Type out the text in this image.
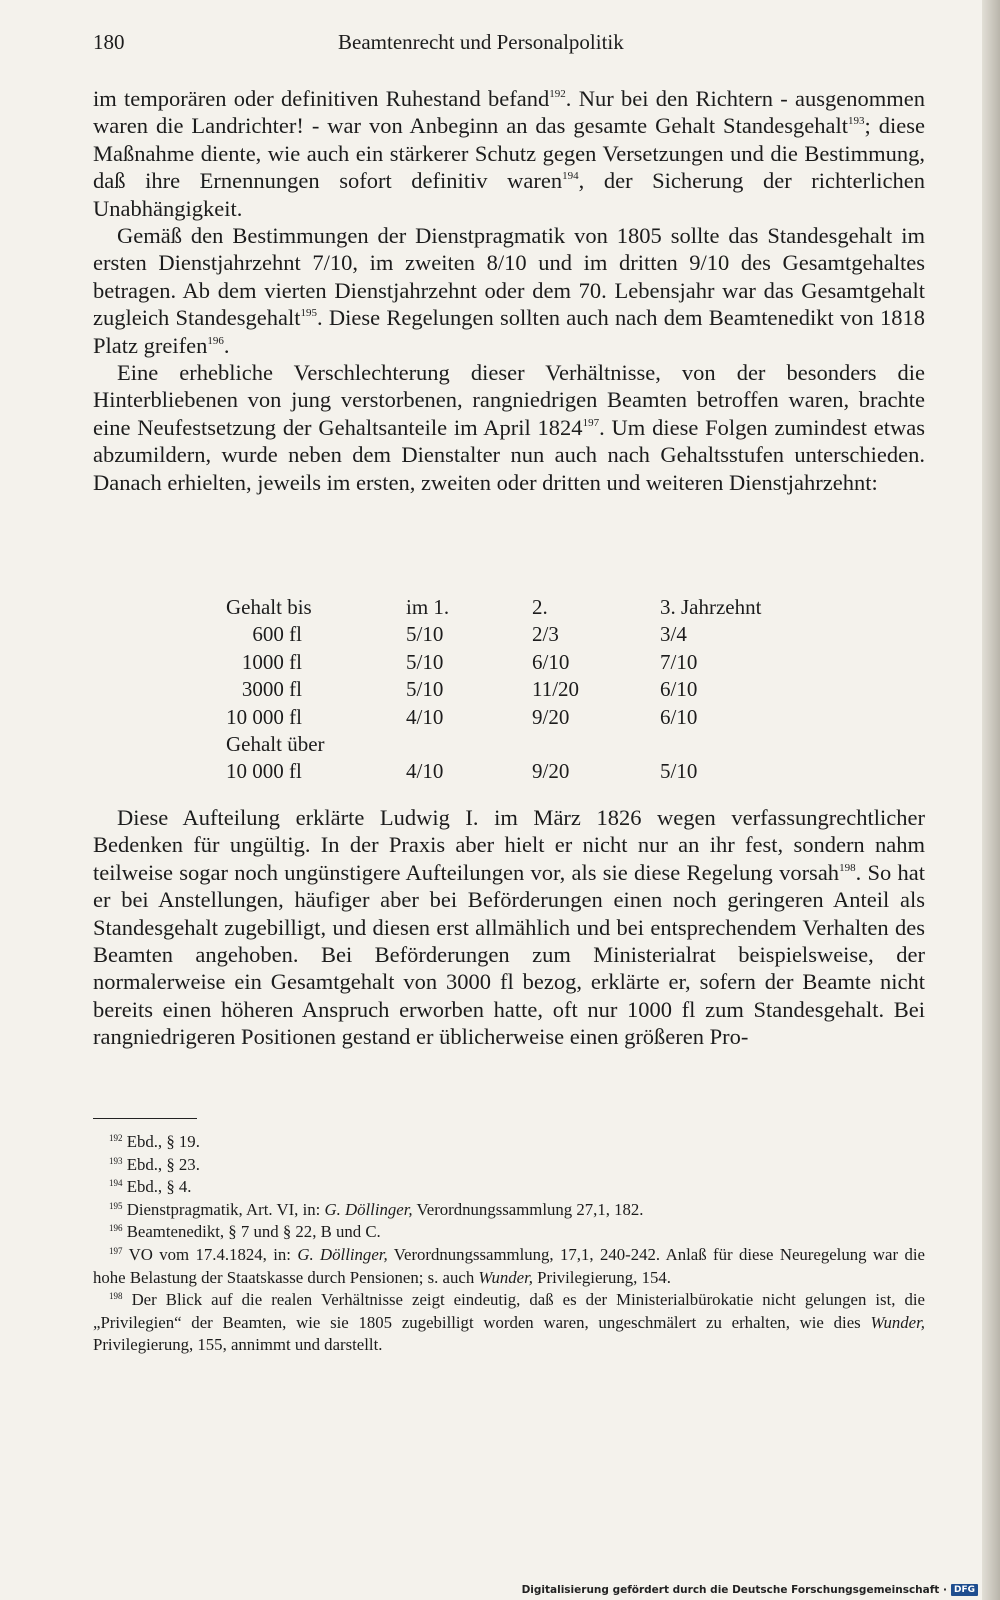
180	Beamtenrecht und Personalpolitik

im temporären oder definitiven Ruhestand befand$^{192}$. Nur bei den Richtern - ausgenommen waren die Landrichter! - war von Anbeginn an das gesamte Gehalt Standesgehalt$^{193}$; diese Maßnahme diente, wie auch ein stärkerer Schutz gegen Versetzungen und die Bestimmung, daß ihre Ernennungen sofort definitiv waren$^{194}$, der Sicherung der richterlichen Unabhängigkeit.

Gemäß den Bestimmungen der Dienstpragmatik von 1805 sollte das Standesgehalt im ersten Dienstjahrzehnt 7/10, im zweiten 8/10 und im dritten 9/10 des Gesamtgehaltes betragen. Ab dem vierten Dienstjahrzehnt oder dem 70. Lebensjahr war das Gesamtgehalt zugleich Standesgehalt$^{195}$. Diese Regelungen sollten auch nach dem Beamtenedikt von 1818 Platz greifen$^{196}$.

Eine erhebliche Verschlechterung dieser Verhältnisse, von der besonders die Hinterbliebenen von jung verstorbenen, rangniedrigen Beamten betroffen waren, brachte eine Neufestsetzung der Gehaltsanteile im April 1824$^{197}$. Um diese Folgen zumindest etwas abzumildern, wurde neben dem Dienstalter nun auch nach Gehaltsstufen unterschieden. Danach erhielten, jeweils im ersten, zweiten oder dritten und weiteren Dienstjahrzehnt:

Gehalt bis	im 1.	2.	3. Jahrzehnt
600 fl	5/10	2/3	3/4
1000 fl	5/10	6/10	7/10
3000 fl	5/10	11/20	6/10
10 000 fl	4/10	9/20	6/10
Gehalt über			
10 000 fl	4/10	9/20	5/10

Diese Aufteilung erklärte Ludwig I. im März 1826 wegen verfassungrechtlicher Bedenken für ungültig. In der Praxis aber hielt er nicht nur an ihr fest, sondern nahm teilweise sogar noch ungünstigere Aufteilungen vor, als sie diese Regelung vorsah$^{198}$. So hat er bei Anstellungen, häufiger aber bei Beförderungen einen noch geringeren Anteil als Standesgehalt zugebilligt, und diesen erst allmählich und bei entsprechendem Verhalten des Beamten angehoben. Bei Beförderungen zum Ministerialrat beispielsweise, der normalerweise ein Gesamtgehalt von 3000 fl bezog, erklärte er, sofern der Beamte nicht bereits einen höheren Anspruch erworben hatte, oft nur 1000 fl zum Standesgehalt. Bei rangniedrigeren Positionen gestand er üblicherweise einen größeren Pro-

$^{192}$ Ebd., § 19.

$^{193}$ Ebd., § 23.

$^{194}$ Ebd., § 4.

$^{195}$ Dienstpragmatik, Art. VI, in: G. Döllinger, Verordnungssammlung 27,1, 182.

$^{196}$ Beamtenedikt, § 7 und § 22, B und C.

$^{197}$ VO vom 17.4.1824, in: G. Döllinger, Verordnungssammlung, 17,1, 240-242. Anlaß für diese Neuregelung war die hohe Belastung der Staatskasse durch Pensionen; s. auch Wunder, Privilegierung, 154.

$^{198}$ Der Blick auf die realen Verhältnisse zeigt eindeutig, daß es der Ministerialbürokatie nicht gelungen ist, die „Privilegien“ der Beamten, wie sie 1805 zugebilligt worden waren, ungeschmälert zu erhalten, wie dies Wunder, Privilegierung, 155, annimmt und darstellt.

Digitalisierung gefördert durch die Deutsche Forschungsgemeinschaft · DFG
